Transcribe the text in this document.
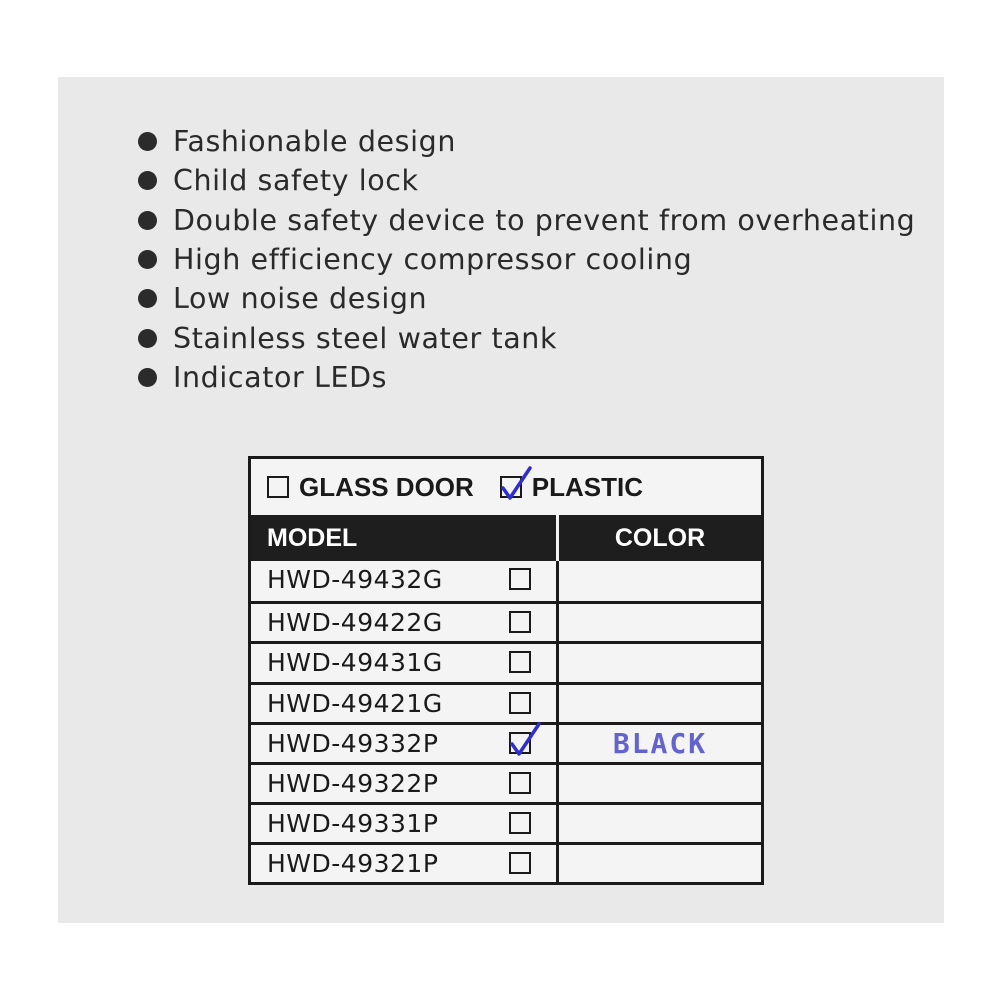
Fashionable design
Child safety lock
Double safety device to prevent from overheating
High efficiency compressor cooling
Low noise design
Stainless steel water tank
Indicator LEDs
GLASS DOOR PLASTIC
MODEL	COLOR
HWD-49432G
HWD-49422G
HWD-49431G
HWD-49421G
HWD-49332P	BLACK
HWD-49322P
HWD-49331P
HWD-49321P
